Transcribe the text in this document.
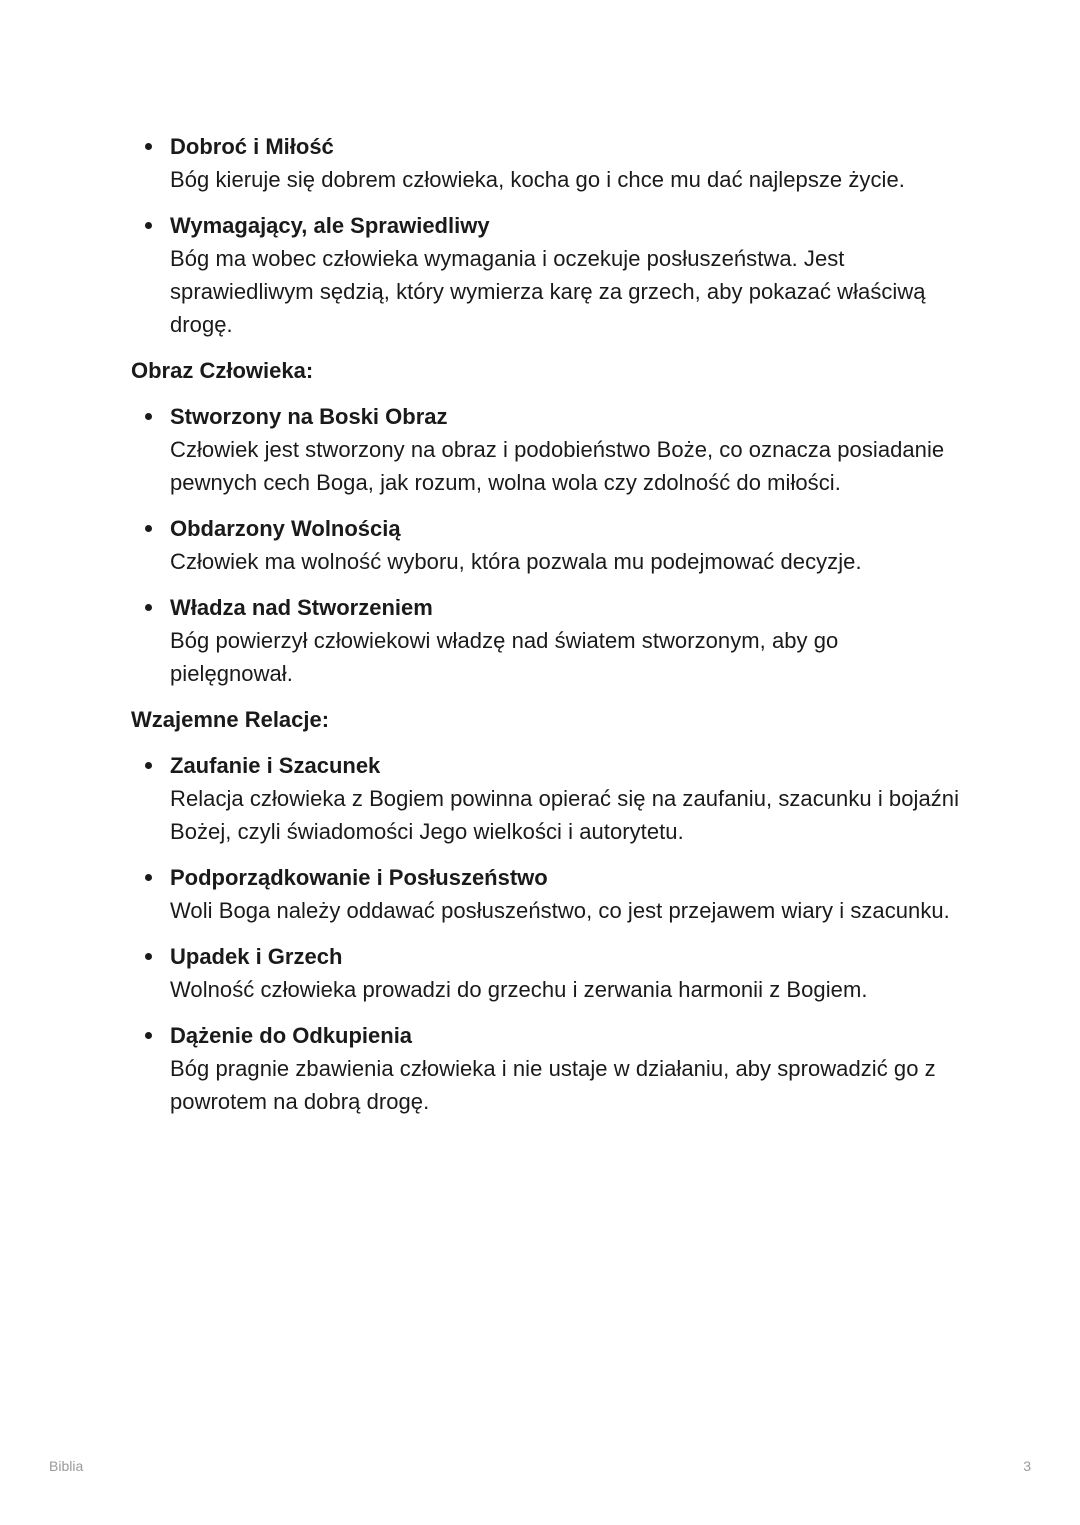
Dobroć i Miłość
Bóg kieruje się dobrem człowieka, kocha go i chce mu dać najlepsze życie.
Wymagający, ale Sprawiedliwy
Bóg ma wobec człowieka wymagania i oczekuje posłuszeństwa. Jest sprawiedliwym sędzią, który wymierza karę za grzech, aby pokazać właściwą drogę.
Obraz Człowieka:
Stworzony na Boski Obraz
Człowiek jest stworzony na obraz i podobieństwo Boże, co oznacza posiadanie pewnych cech Boga, jak rozum, wolna wola czy zdolność do miłości.
Obdarzony Wolnością
Człowiek ma wolność wyboru, która pozwala mu podejmować decyzje.
Władza nad Stworzeniem
Bóg powierzył człowiekowi władzę nad światem stworzonym, aby go pielęgnował.
Wzajemne Relacje:
Zaufanie i Szacunek
Relacja człowieka z Bogiem powinna opierać się na zaufaniu, szacunku i bojaźni Bożej, czyli świadomości Jego wielkości i autorytetu.
Podporządkowanie i Posłuszeństwo
Woli Boga należy oddawać posłuszeństwo, co jest przejawem wiary i szacunku.
Upadek i Grzech
Wolność człowieka prowadzi do grzechu i zerwania harmonii z Bogiem.
Dążenie do Odkupienia
Bóg pragnie zbawienia człowieka i nie ustaje w działaniu, aby sprowadzić go z powrotem na dobrą drogę.
Biblia	3
